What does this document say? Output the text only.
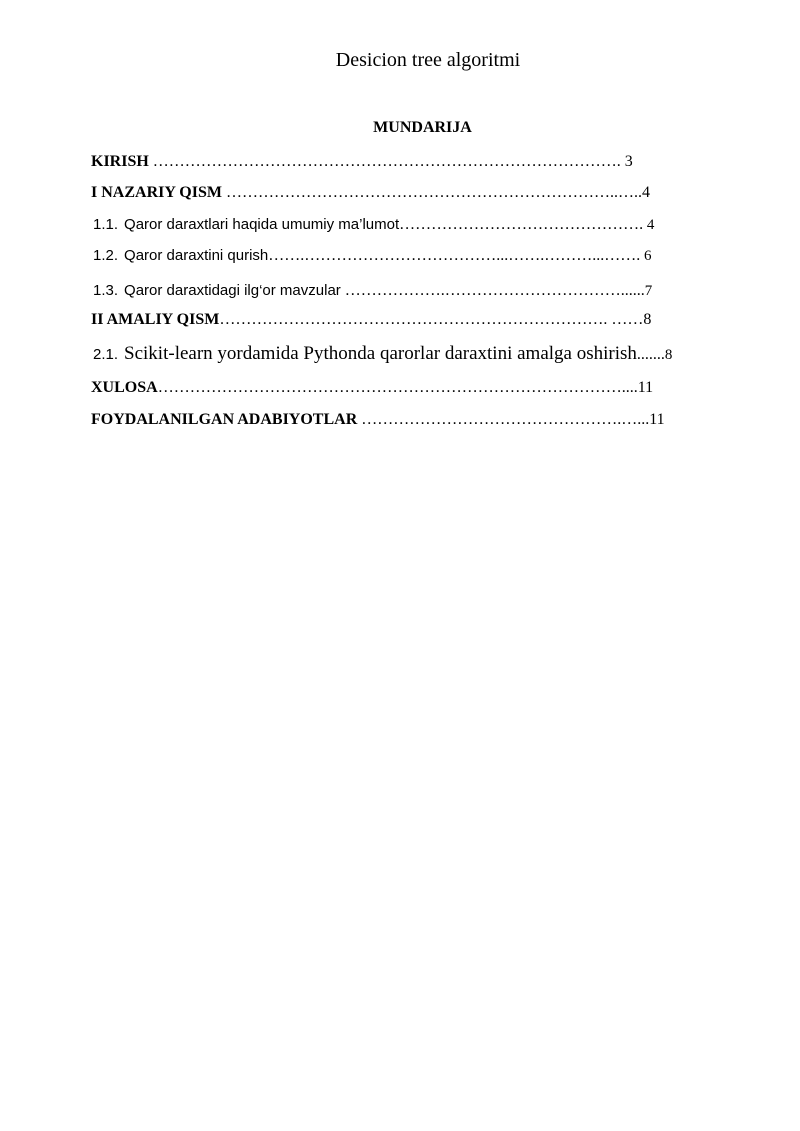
Desicion tree algoritmi
MUNDARIJA
KIRISH ……………………………………………………………………………. 3
I NAZARIY QISM ………………………………………………………………..…..4
1.1. Qaror daraxtlari haqida umumiy ma’lumot………………………………………. 4
1.2. Qaror daraxtini qurish…….………………………………...…….………...……. 6
1.3. Qaror daraxtidagi ilg‘or mavzular ……………….……………………………......7
II AMALIY QISM………………………………………………………………. ……8
2.1. Scikit-learn yordamida Pythonda qarorlar daraxtini amalga oshirish.......8
XULOSA……………………………………………………………………………....11
FOYDALANILGAN ADABIYOTLAR ………………………………………….…...11
